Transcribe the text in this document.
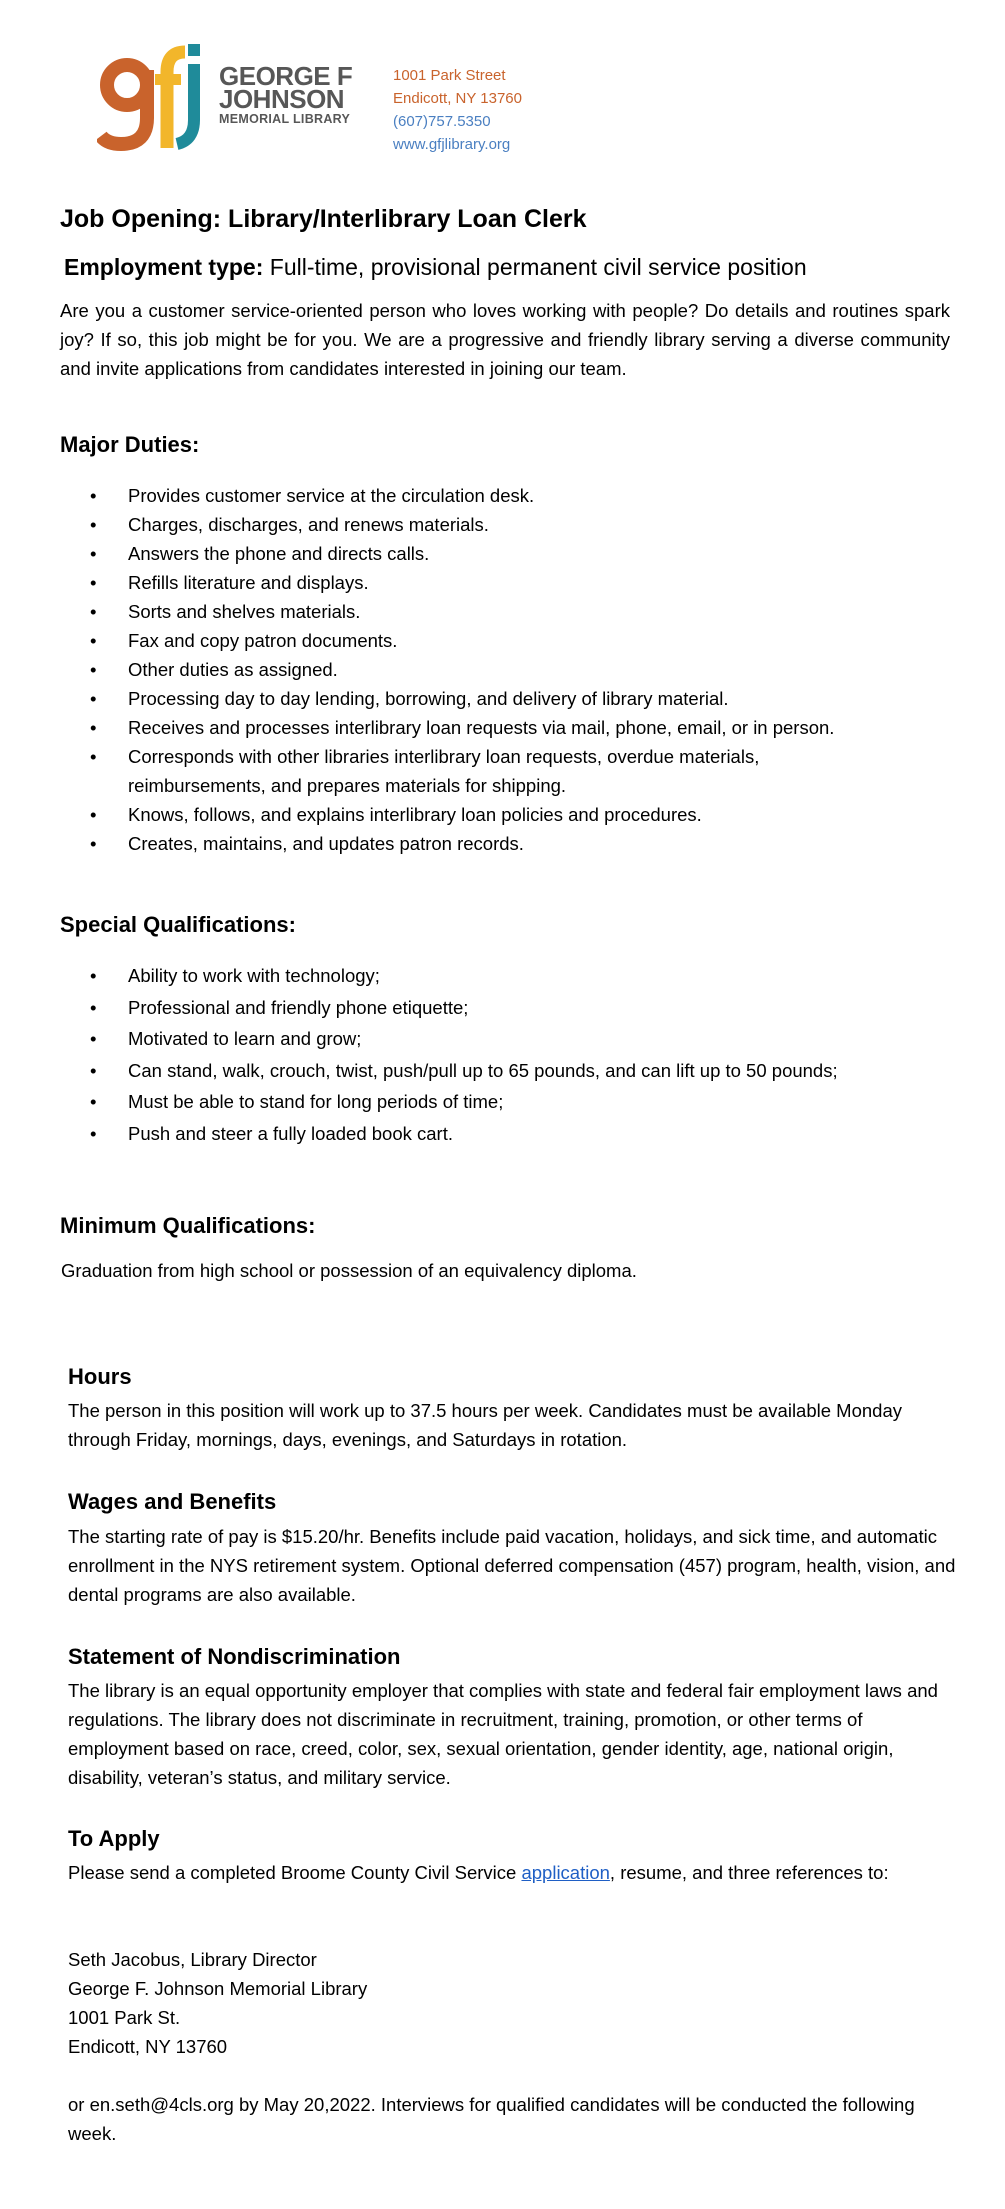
GEORGE F
JOHNSON
MEMORIAL LIBRARY
1001 Park Street
Endicott, NY 13760
(607)757.5350
www.gfjlibrary.org
Job Opening: Library/Interlibrary Loan Clerk
Employment type: Full-time, provisional permanent civil service position

Are you a customer service-oriented person who loves working with people? Do details and routines spark joy? If so, this job might be for you. We are a progressive and friendly library serving a diverse community and invite applications from candidates interested in joining our team.

Major Duties:
• Provides customer service at the circulation desk.
• Charges, discharges, and renews materials.
• Answers the phone and directs calls.
• Refills literature and displays.
• Sorts and shelves materials.
• Fax and copy patron documents.
• Other duties as assigned.
• Processing day to day lending, borrowing, and delivery of library material.
• Receives and processes interlibrary loan requests via mail, phone, email, or in person.
• Corresponds with other libraries interlibrary loan requests, overdue materials, reimbursements, and prepares materials for shipping.
• Knows, follows, and explains interlibrary loan policies and procedures.
• Creates, maintains, and updates patron records.
Special Qualifications:
• Ability to work with technology;
• Professional and friendly phone etiquette;
• Motivated to learn and grow;
• Can stand, walk, crouch, twist, push/pull up to 65 pounds, and can lift up to 50 pounds;
• Must be able to stand for long periods of time;
• Push and steer a fully loaded book cart.
Minimum Qualifications:

Graduation from high school or possession of an equivalency diploma.

Hours

The person in this position will work up to 37.5 hours per week. Candidates must be available Monday through Friday, mornings, days, evenings, and Saturdays in rotation.

Wages and Benefits

The starting rate of pay is $15.20/hr. Benefits include paid vacation, holidays, and sick time, and automatic enrollment in the NYS retirement system. Optional deferred compensation (457) program, health, vision, and dental programs are also available.

Statement of Nondiscrimination

The library is an equal opportunity employer that complies with state and federal fair employment laws and regulations. The library does not discriminate in recruitment, training, promotion, or other terms of employment based on race, creed, color, sex, sexual orientation, gender identity, age, national origin, disability, veteran’s status, and military service.

To Apply

Please send a completed Broome County Civil Service application, resume, and three references to:

Seth Jacobus, Library Director
George F. Johnson Memorial Library
1001 Park St.
Endicott, NY 13760

or en.seth@4cls.org by May 20,2022. Interviews for qualified candidates will be conducted the following week.
